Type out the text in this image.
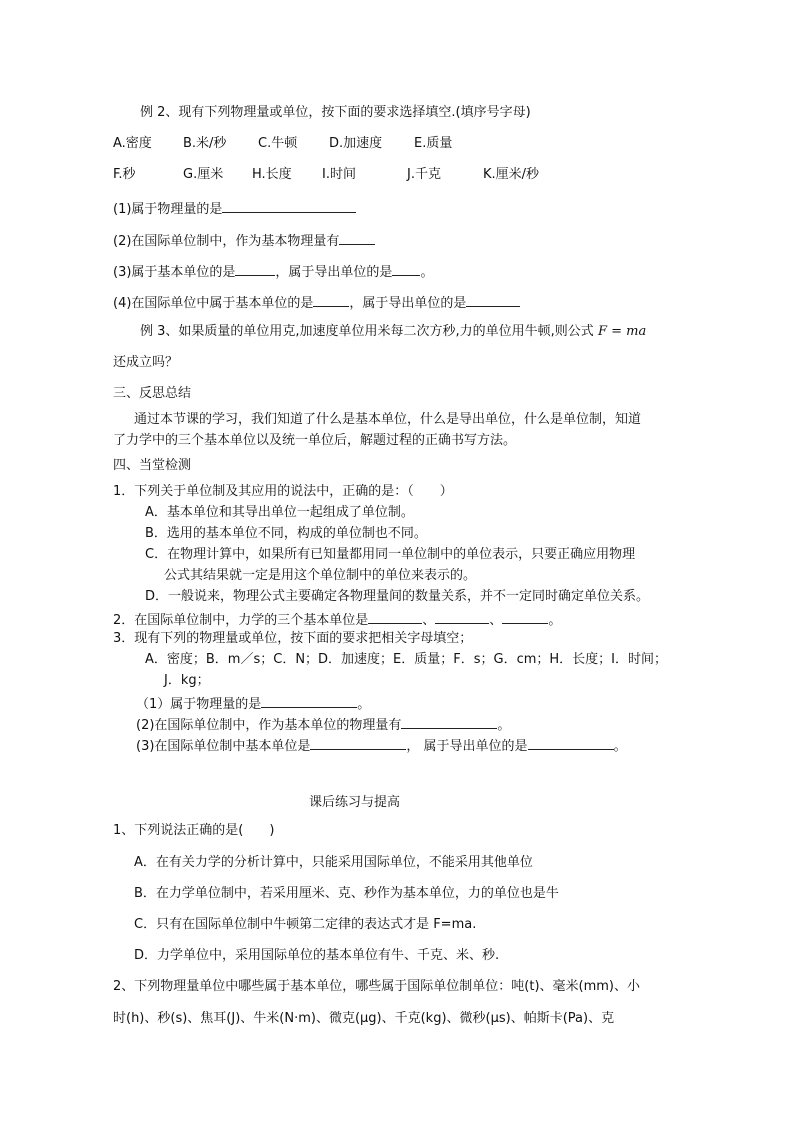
例 2、现有下列物理量或单位，按下面的要求选择填空.(填序号字母)
A.密度 B.米/秒 C.牛顿 D.加速度 E.质量
F.秒	G.厘米 H.长度 I.时间	J.千克	K.厘米/秒
(1)属于物理量的是
(2)在国际单位制中，作为基本物理量有
(3)属于基本单位的是	，属于导出单位的是 。
(4)在国际单位中属于基本单位的是	，属于导出单位的是
例 3、如果质量的单位用克,加速度单位用米每二次方秒,力的单位用牛顿,则公式 F = ma
还成立吗？
三、反思总结
通过本节课的学习，我们知道了什么是基本单位，什么是导出单位，什么是单位制，知道
了力学中的三个基本单位以及统一单位后，解题过程的正确书写方法。
四、当堂检测
1．下列关于单位制及其应用的说法中，正确的是：（　　）
A．基本单位和其导出单位一起组成了单位制。
B．选用的基本单位不同，构成的单位制也不同。
C．在物理计算中，如果所有已知量都用同一单位制中的单位表示，只要正确应用物理
公式其结果就一定是用这个单位制中的单位来表示的。
D．一般说来，物理公式主要确定各物理量间的数量关系，并不一定同时确定单位关系。
2．在国际单位制中，力学的三个基本单位是	、	、	。
3．现有下列的物理量或单位，按下面的要求把相关字母填空；
A．密度；B．m／s；C．N；D．加速度；E．质量；F．s；G．cm；H．长度；I．时间；
J．kg；
（1）属于物理量的是	。
(2)在国际单位制中，作为基本单位的物理量有	。
(3)在国际单位制中基本单位是	， 属于导出单位的是	。
课后练习与提高
1、下列说法正确的是(　　)
A．在有关力学的分析计算中，只能采用国际单位，不能采用其他单位
B．在力学单位制中，若采用厘米、克、秒作为基本单位，力的单位也是牛
C．只有在国际单位制中牛顿第二定律的表达式才是 F=ma.
D．力学单位中，采用国际单位的基本单位有牛、千克、米、秒.
2、下列物理量单位中哪些属于基本单位，哪些属于国际单位制单位：吨(t)、毫米(mm)、小
时(h)、秒(s)、焦耳(J)、牛米(N·m)、微克(μg)、千克(kg)、微秒(μs)、帕斯卡(Pa)、克
